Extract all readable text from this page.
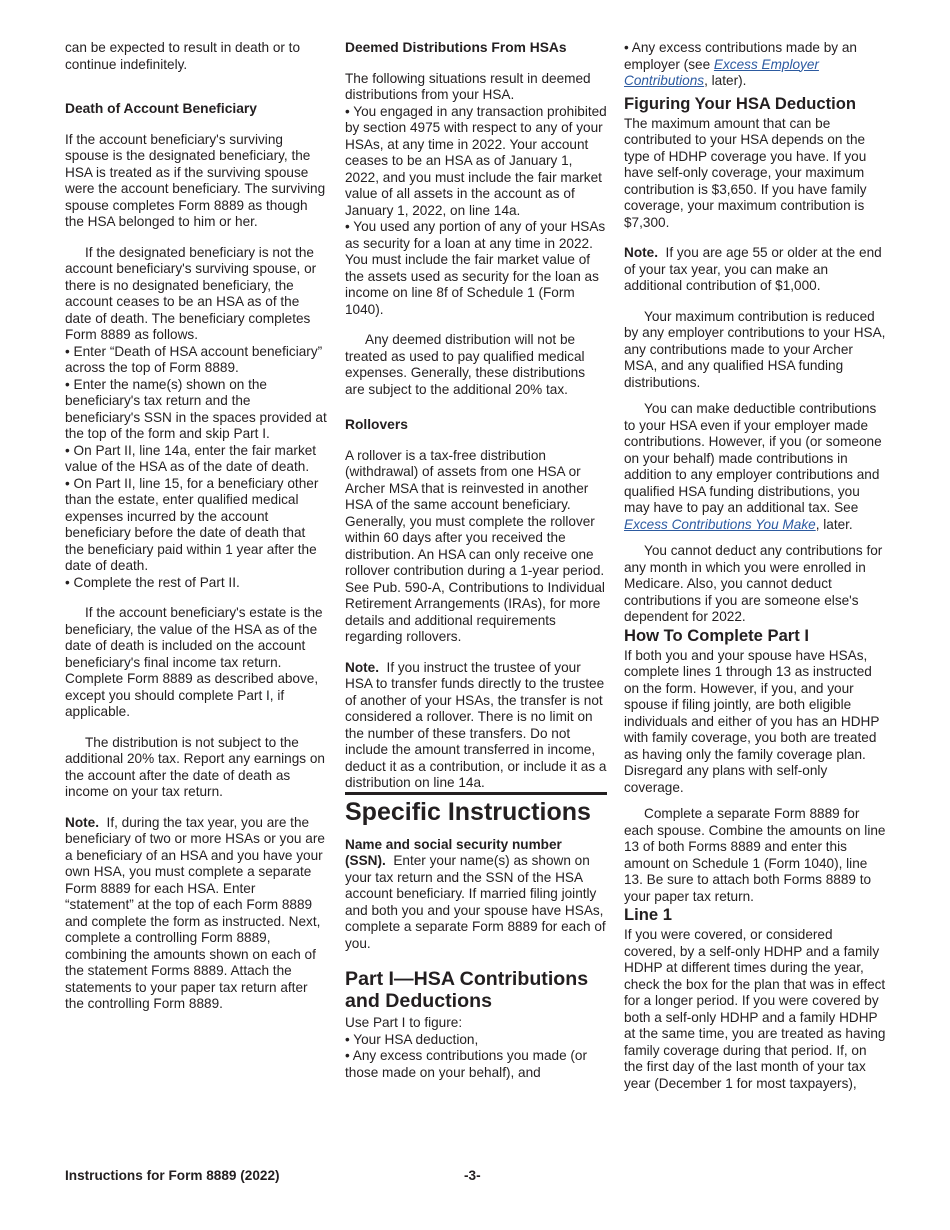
can be expected to result in death or to continue indefinitely.

Death of Account Beneficiary

If the account beneficiary's surviving spouse is the designated beneficiary, the HSA is treated as if the surviving spouse were the account beneficiary. The surviving spouse completes Form 8889 as though the HSA belonged to him or her.

If the designated beneficiary is not the account beneficiary's surviving spouse, or there is no designated beneficiary, the account ceases to be an HSA as of the date of death. The beneficiary completes Form 8889 as follows.

• Enter “Death of HSA account beneficiary” across the top of Form 8889.

• Enter the name(s) shown on the beneficiary's tax return and the beneficiary's SSN in the spaces provided at the top of the form and skip Part I.

• On Part II, line 14a, enter the fair market value of the HSA as of the date of death.

• On Part II, line 15, for a beneficiary other than the estate, enter qualified medical expenses incurred by the account beneficiary before the date of death that the beneficiary paid within 1 year after the date of death.

• Complete the rest of Part II.

If the account beneficiary's estate is the beneficiary, the value of the HSA as of the date of death is included on the account beneficiary's final income tax return. Complete Form 8889 as described above, except you should complete Part I, if applicable.

The distribution is not subject to the additional 20% tax. Report any earnings on the account after the date of death as income on your tax return.

Note. If, during the tax year, you are the beneficiary of two or more HSAs or you are a beneficiary of an HSA and you have your own HSA, you must complete a separate Form 8889 for each HSA. Enter “statement” at the top of each Form 8889 and complete the form as instructed. Next, complete a controlling Form 8889, combining the amounts shown on each of the statement Forms 8889. Attach the statements to your paper tax return after the controlling Form 8889.

Deemed Distributions From HSAs

The following situations result in deemed distributions from your HSA.

• You engaged in any transaction prohibited by section 4975 with respect to any of your HSAs, at any time in 2022. Your account ceases to be an HSA as of January 1, 2022, and you must include the fair market value of all assets in the account as of January 1, 2022, on line 14a.

• You used any portion of any of your HSAs as security for a loan at any time in 2022. You must include the fair market value of the assets used as security for the loan as income on line 8f of Schedule 1 (Form 1040).

Any deemed distribution will not be treated as used to pay qualified medical expenses. Generally, these distributions are subject to the additional 20% tax.

Rollovers

A rollover is a tax-free distribution (withdrawal) of assets from one HSA or Archer MSA that is reinvested in another HSA of the same account beneficiary. Generally, you must complete the rollover within 60 days after you received the distribution. An HSA can only receive one rollover contribution during a 1-year period. See Pub. 590-A, Contributions to Individual Retirement Arrangements (IRAs), for more details and additional requirements regarding rollovers.

Note. If you instruct the trustee of your HSA to transfer funds directly to the trustee of another of your HSAs, the transfer is not considered a rollover. There is no limit on the number of these transfers. Do not include the amount transferred in income, deduct it as a contribution, or include it as a distribution on line 14a.

Specific Instructions

Name and social security number (SSN). Enter your name(s) as shown on your tax return and the SSN of the HSA account beneficiary. If married filing jointly and both you and your spouse have HSAs, complete a separate Form 8889 for each of you.

Part I—HSA Contributions and Deductions

Use Part I to figure:

• Your HSA deduction,

• Any excess contributions you made (or those made on your behalf), and

• Any excess contributions made by an employer (see Excess Employer Contributions, later).

Figuring Your HSA Deduction

The maximum amount that can be contributed to your HSA depends on the type of HDHP coverage you have. If you have self-only coverage, your maximum contribution is $3,650. If you have family coverage, your maximum contribution is $7,300.

Note. If you are age 55 or older at the end of your tax year, you can make an additional contribution of $1,000.

Your maximum contribution is reduced by any employer contributions to your HSA, any contributions made to your Archer MSA, and any qualified HSA funding distributions.

You can make deductible contributions to your HSA even if your employer made contributions. However, if you (or someone on your behalf) made contributions in addition to any employer contributions and qualified HSA funding distributions, you may have to pay an additional tax. See Excess Contributions You Make, later.

You cannot deduct any contributions for any month in which you were enrolled in Medicare. Also, you cannot deduct contributions if you are someone else's dependent for 2022.

How To Complete Part I

If both you and your spouse have HSAs, complete lines 1 through 13 as instructed on the form. However, if you, and your spouse if filing jointly, are both eligible individuals and either of you has an HDHP with family coverage, you both are treated as having only the family coverage plan. Disregard any plans with self-only coverage.

Complete a separate Form 8889 for each spouse. Combine the amounts on line 13 of both Forms 8889 and enter this amount on Schedule 1 (Form 1040), line 13. Be sure to attach both Forms 8889 to your paper tax return.

Line 1

If you were covered, or considered covered, by a self-only HDHP and a family HDHP at different times during the year, check the box for the plan that was in effect for a longer period. If you were covered by both a self-only HDHP and a family HDHP at the same time, you are treated as having family coverage during that period. If, on the first day of the last month of your tax year (December 1 for most taxpayers),

Instructions for Form 8889 (2022)	-3-
